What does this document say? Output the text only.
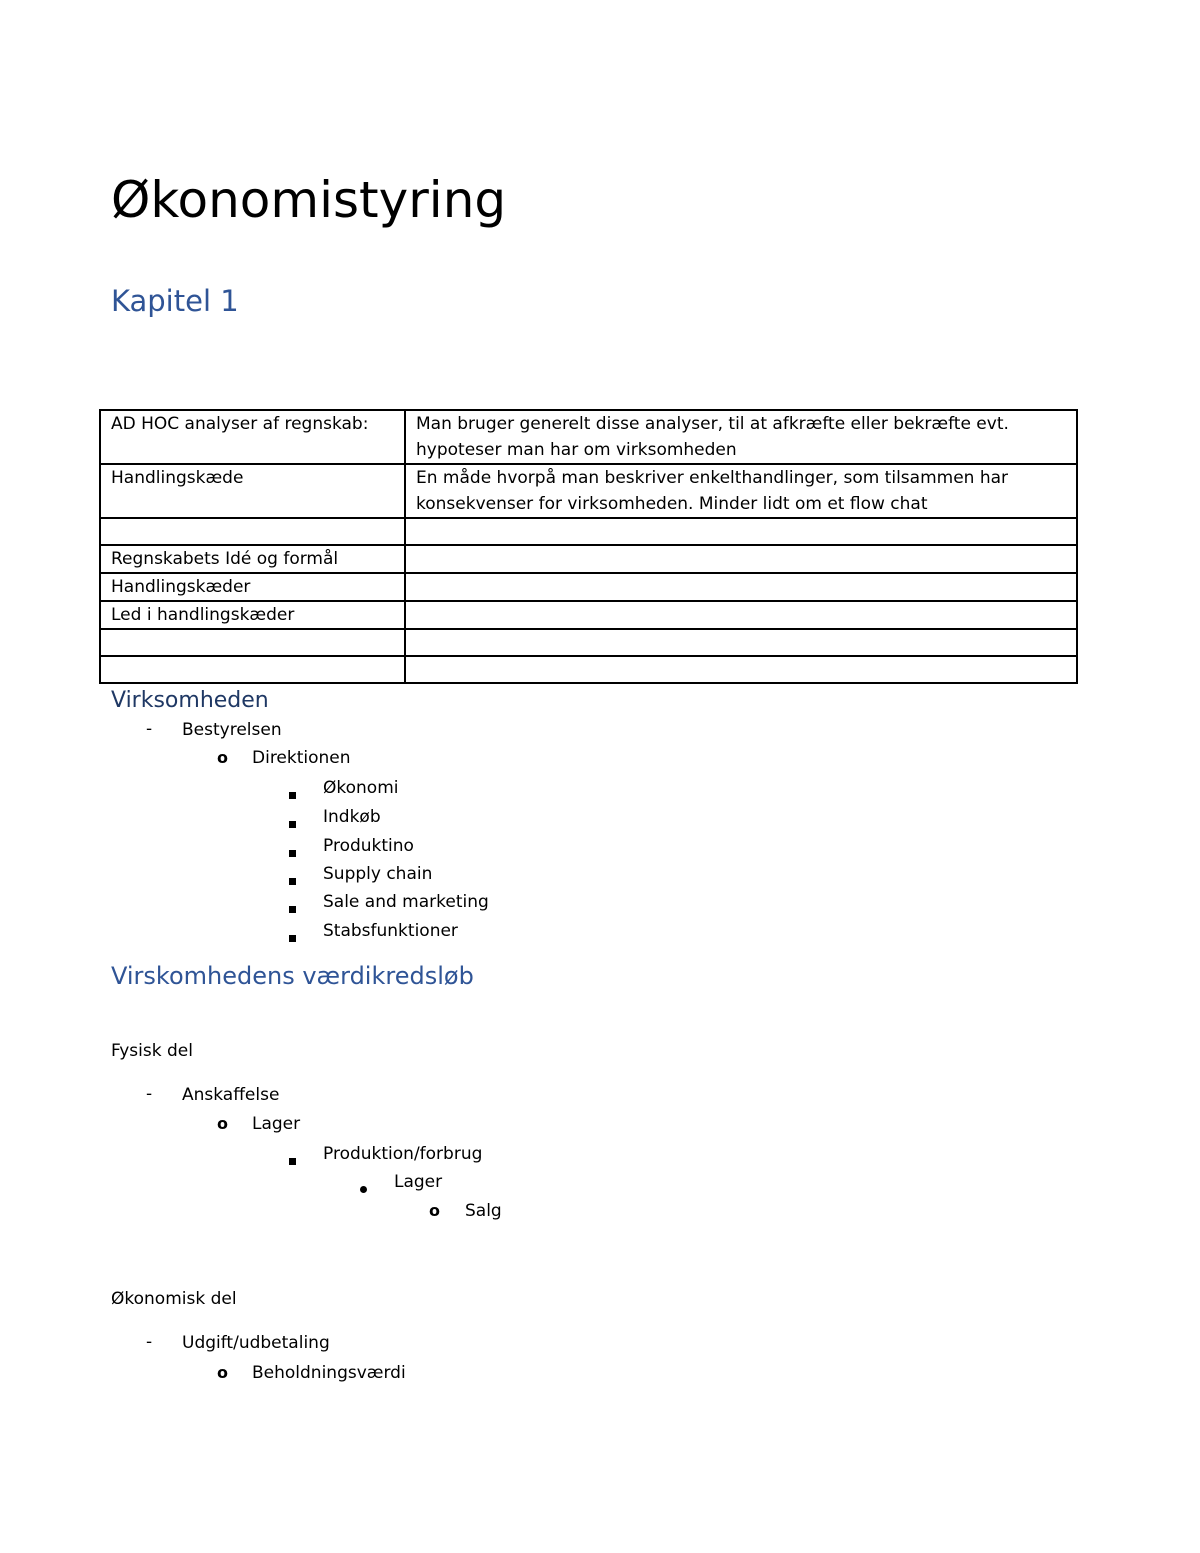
Økonomistyring
Kapitel 1
AD HOC analyser af regnskab:	Man bruger generelt disse analyser, til at afkræfte eller bekræfte evt. hypoteser man har om virksomheden
Handlingskæde	En måde hvorpå man beskriver enkelthandlinger, som tilsammen har konsekvenser for virksomheden. Minder lidt om et flow chat

Regnskabets Idé og formål	
Handlingskæder	
Led i handlingskæder	

Virksomheden
- Bestyrelsen
o Direktionen
Økonomi
Indkøb
Produktino
Supply chain
Sale and marketing
Stabsfunktioner
Virskomhedens værdikredsløb
Fysisk del
- Anskaffelse
o Lager
Produktion/forbrug
Lager
o Salg
Økonomisk del
- Udgift/udbetaling
o Beholdningsværdi
